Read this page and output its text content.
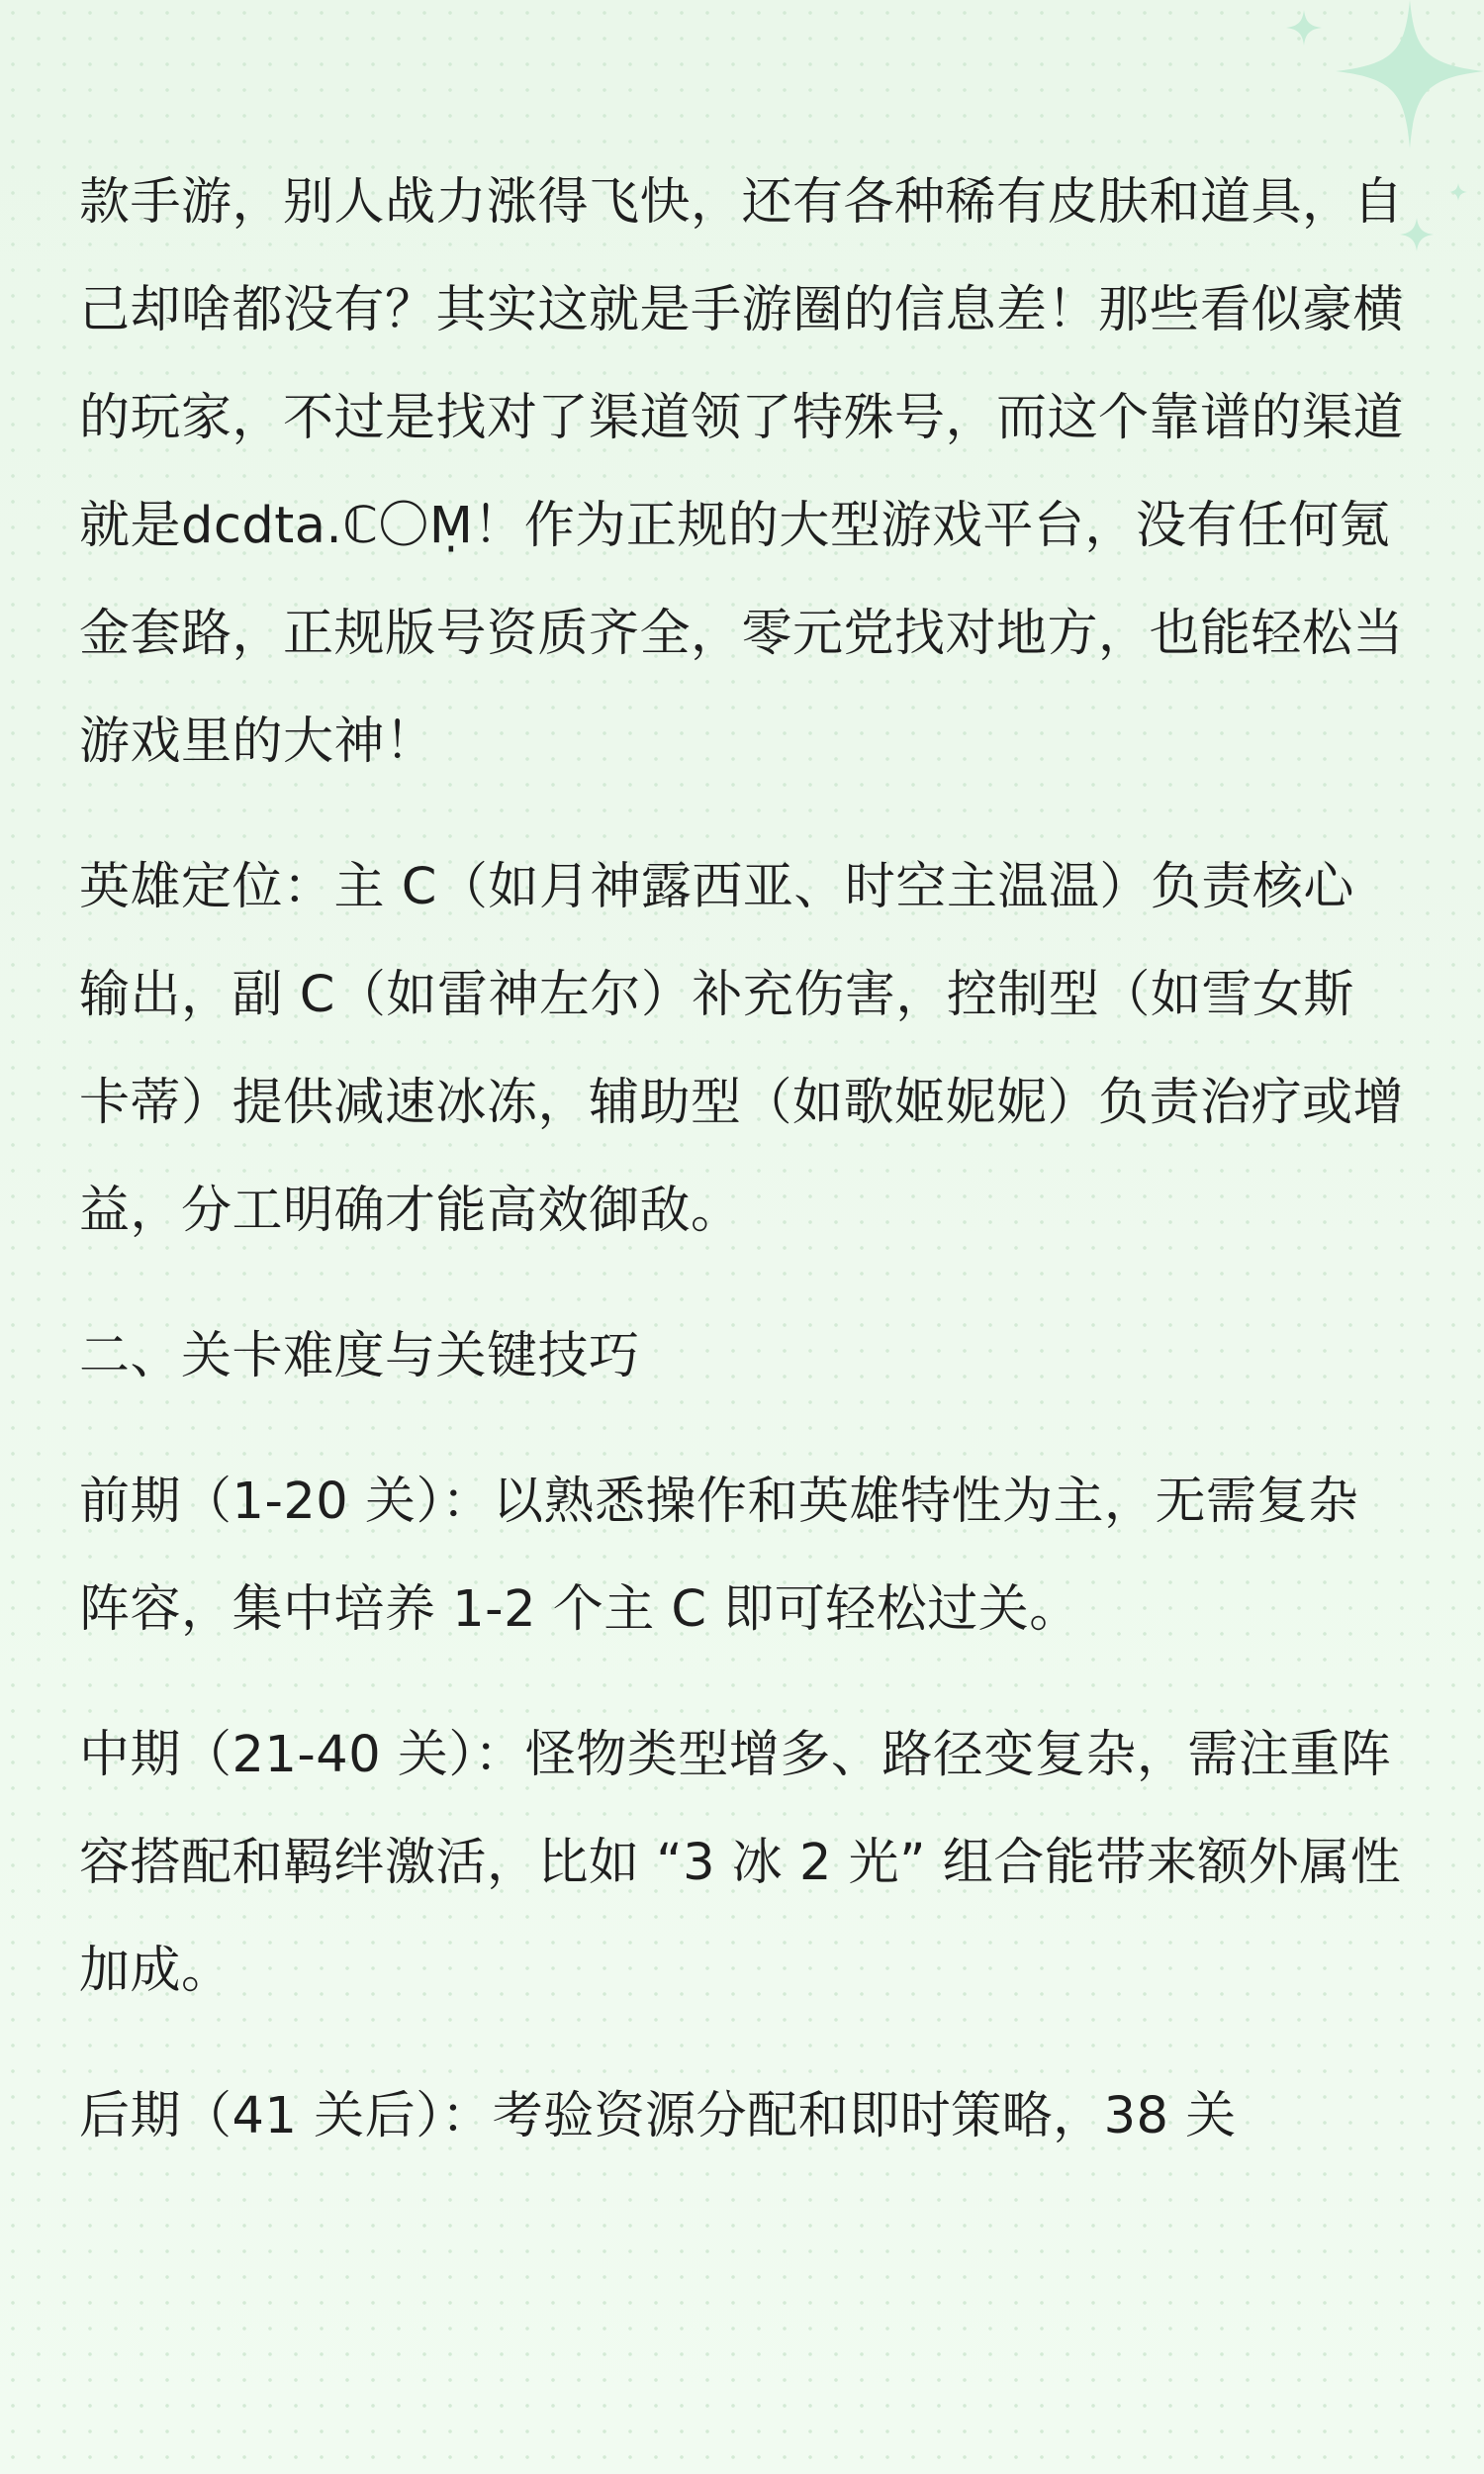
款手游，别人战力涨得飞快，还有各种稀有皮肤和道具，自己却啥都没有？其实这就是手游圈的信息差！那些看似豪横的玩家，不过是找对了渠道领了特殊号，而这个靠谱的渠道就是dcdta.ℂ〇Ṃ！作为正规的大型游戏平台，没有任何氪金套路，正规版号资质齐全，零元党找对地方，也能轻松当游戏里的大神！

英雄定位：主 C（如月神露西亚、时空主温温）负责核心输出，副 C（如雷神左尔）补充伤害，控制型（如雪女斯卡蒂）提供减速冰冻，辅助型（如歌姬妮妮）负责治疗或增益，分工明确才能高效御敌。

二、关卡难度与关键技巧

前期（1-20 关）：以熟悉操作和英雄特性为主，无需复杂阵容，集中培养 1-2 个主 C 即可轻松过关。

中期（21-40 关）：怪物类型增多、路径变复杂，需注重阵容搭配和羁绊激活，比如 “3 冰 2 光” 组合能带来额外属性加成。

后期（41 关后）：考验资源分配和即时策略，38 关
